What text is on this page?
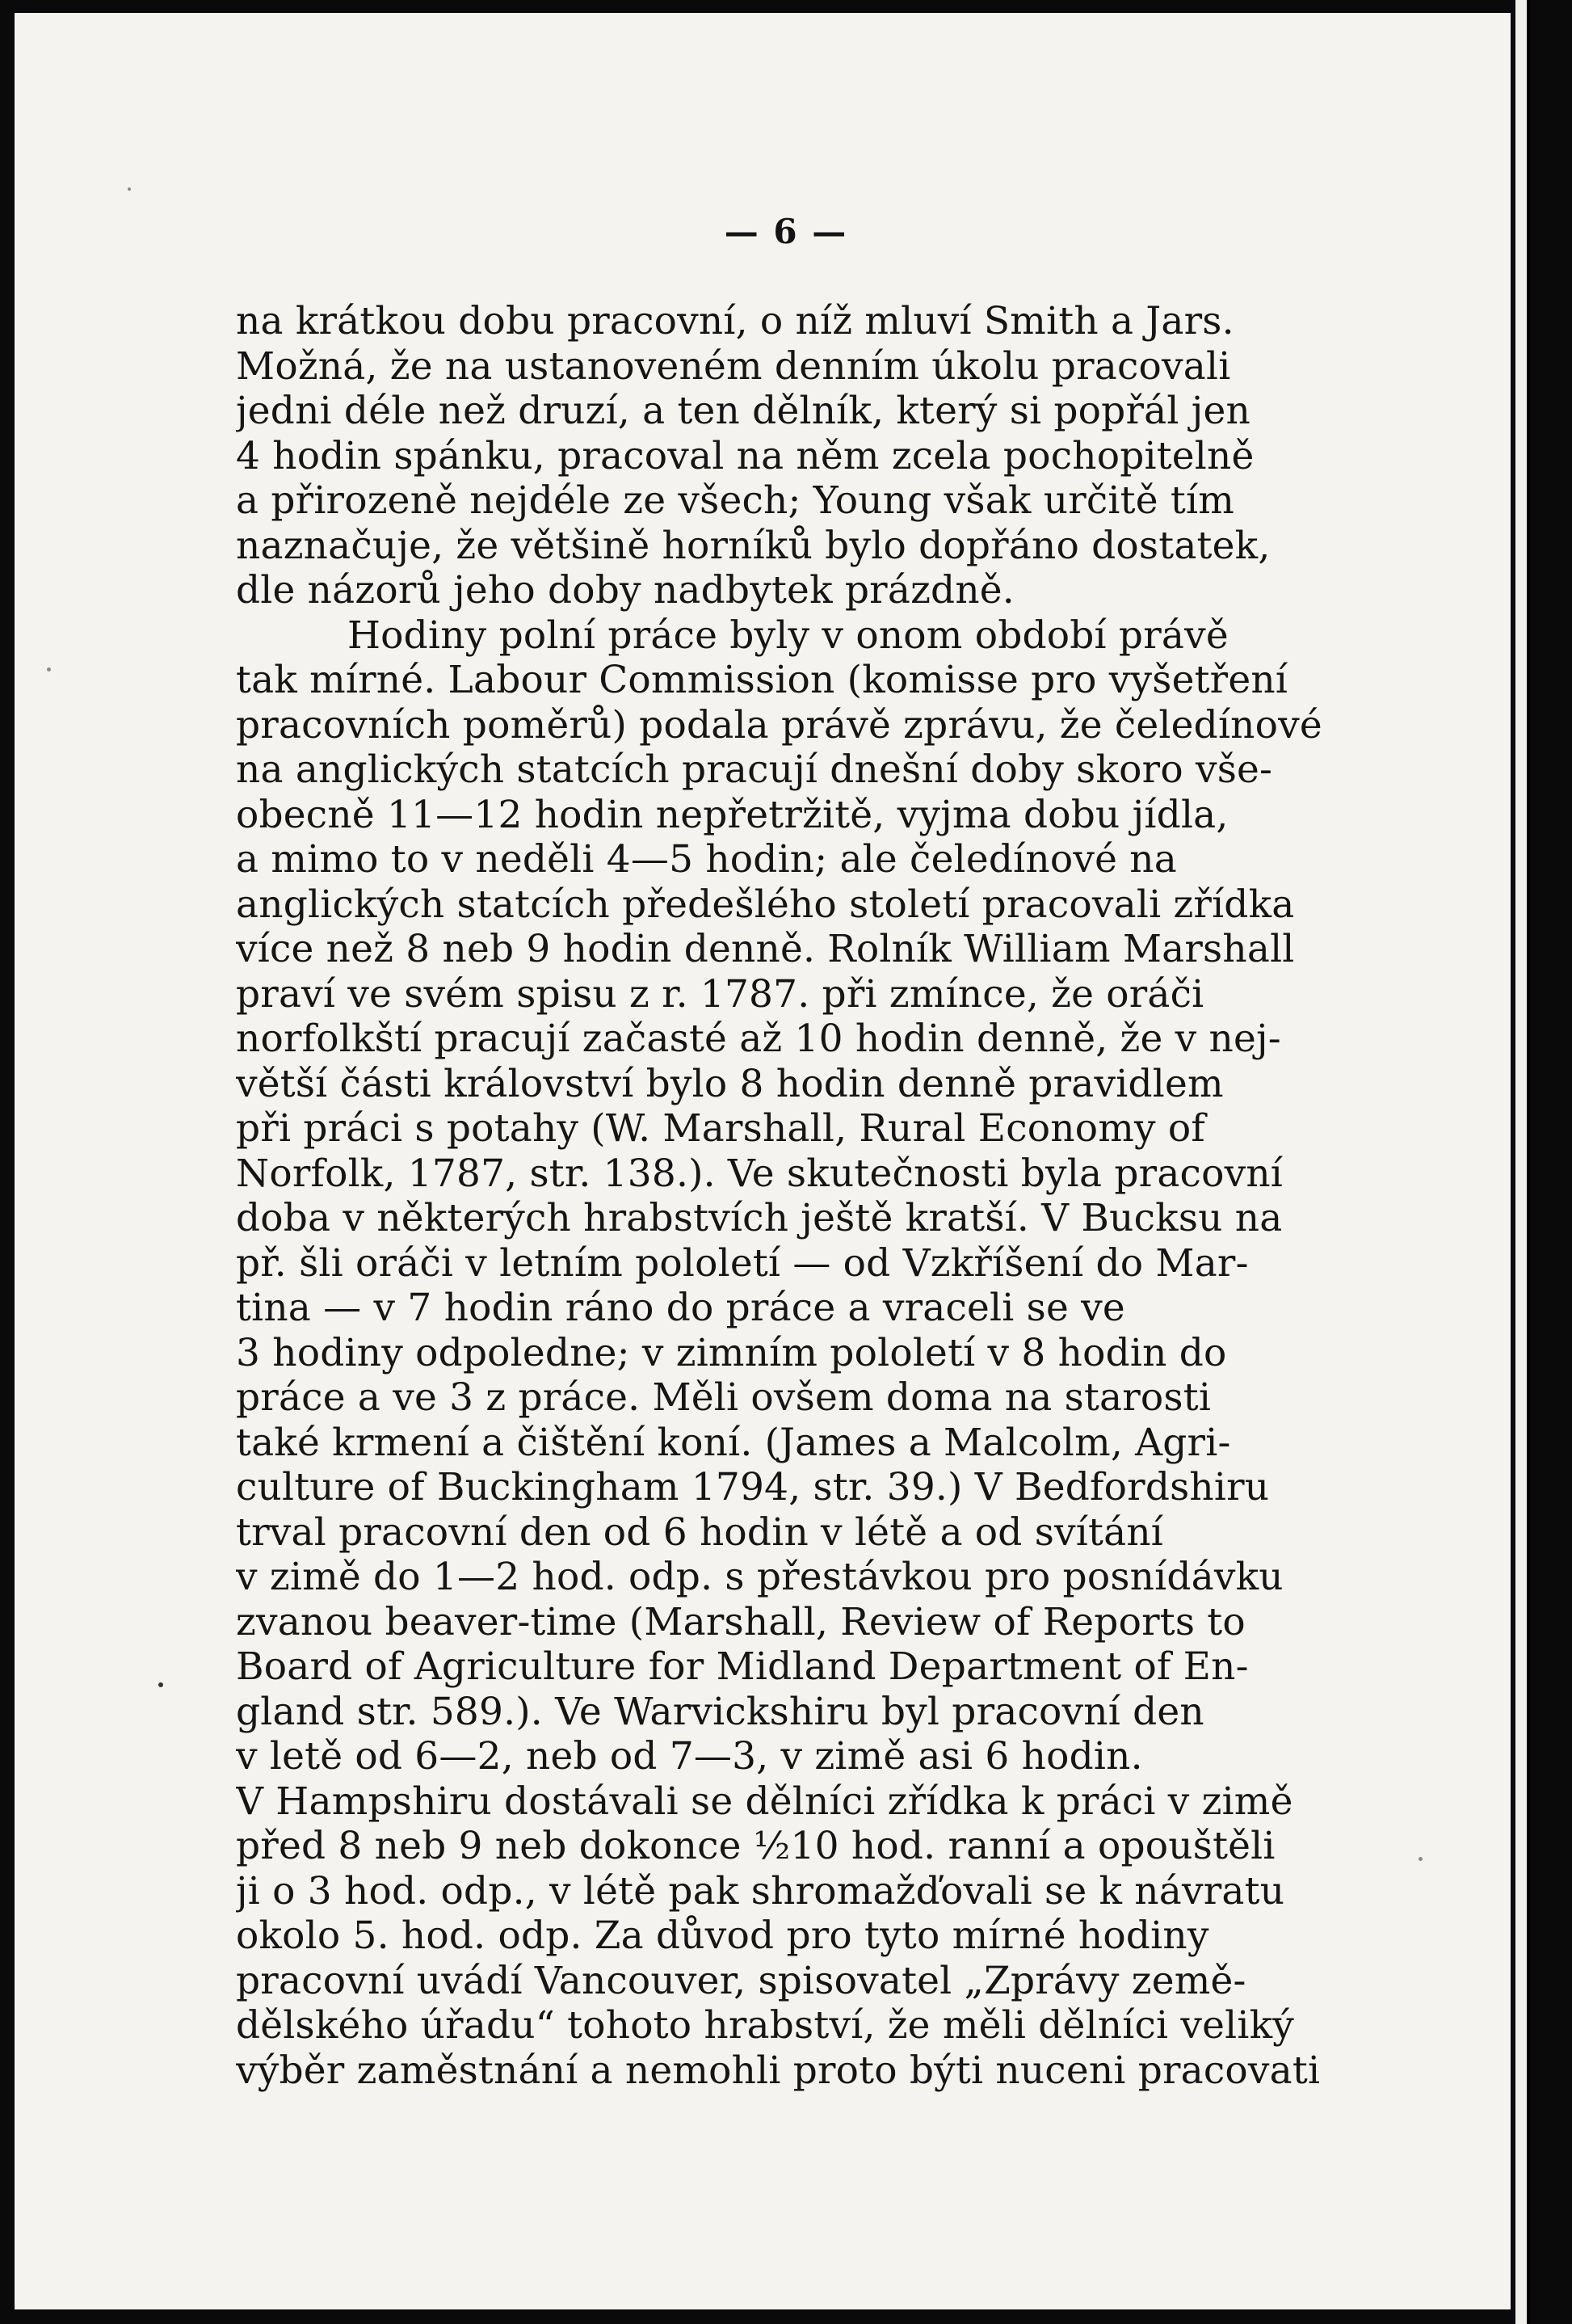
— 6 —

na krátkou dobu pracovní, o níž mluví Smith a Jars.
Možná, že na ustanoveném denním úkolu pracovali
jedni déle než druzí, a ten dělník, který si popřál jen
4 hodin spánku, pracoval na něm zcela pochopitelně
a přirozeně nejdéle ze všech; Young však určitě tím
naznačuje, že většině horníků bylo dopřáno dostatek,
dle názorů jeho doby nadbytek prázdně.

Hodiny polní práce byly v onom období právě
tak mírné. Labour Commission (komisse pro vyšetření
pracovních poměrů) podala právě zprávu, že čeledínové
na anglických statcích pracují dnešní doby skoro vše-
obecně 11—12 hodin nepřetržitě, vyjma dobu jídla,
a mimo to v neděli 4—5 hodin; ale čeledínové na
anglických statcích předešlého století pracovali zřídka
více než 8 neb 9 hodin denně. Rolník William Marshall
praví ve svém spisu z r. 1787. při zmínce, že oráči
norfolkští pracují začasté až 10 hodin denně, že v nej-
větší části království bylo 8 hodin denně pravidlem
při práci s potahy (W. Marshall, Rural Economy of
Norfolk, 1787, str. 138.). Ve skutečnosti byla pracovní
doba v některých hrabstvích ještě kratší. V Bucksu na
př. šli oráči v letním pololetí — od Vzkříšení do Mar-
tina — v 7 hodin ráno do práce a vraceli se ve
3 hodiny odpoledne; v zimním pololetí v 8 hodin do
práce a ve 3 z práce. Měli ovšem doma na starosti
také krmení a čištění koní. (James a Malcolm, Agri-
culture of Buckingham 1794, str. 39.) V Bedfordshiru
trval pracovní den od 6 hodin v létě a od svítání
v zimě do 1—2 hod. odp. s přestávkou pro posnídávku
zvanou beaver-time (Marshall, Review of Reports to
Board of Agriculture for Midland Department of En-
gland str. 589.). Ve Warvickshiru byl pracovní den
v letě od 6—2, neb od 7—3, v zimě asi 6 hodin.
V Hampshiru dostávali se dělníci zřídka k práci v zimě
před 8 neb 9 neb dokonce ½10 hod. ranní a opouštěli
ji o 3 hod. odp., v létě pak shromažďovali se k návratu
okolo 5. hod. odp. Za důvod pro tyto mírné hodiny
pracovní uvádí Vancouver, spisovatel „Zprávy země-
dělského úřadu“ tohoto hrabství, že měli dělníci veliký
výběr zaměstnání a nemohli proto býti nuceni pracovati
